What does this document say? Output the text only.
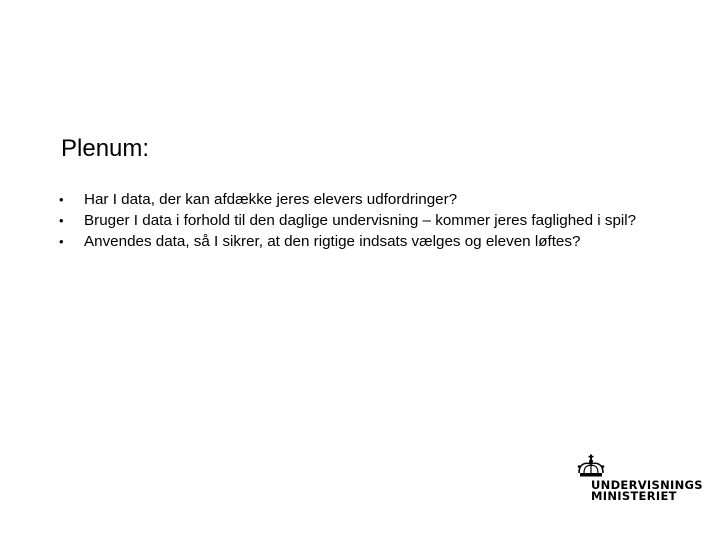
Plenum:
•	Har I data, der kan afdække jeres elevers udfordringer?
•	Bruger I data i forhold til den daglige undervisning – kommer jeres faglighed i spil?
•	Anvendes data, så I sikrer, at den rigtige indsats vælges og eleven løftes?
UNDERVISNINGS
MINISTERIET
